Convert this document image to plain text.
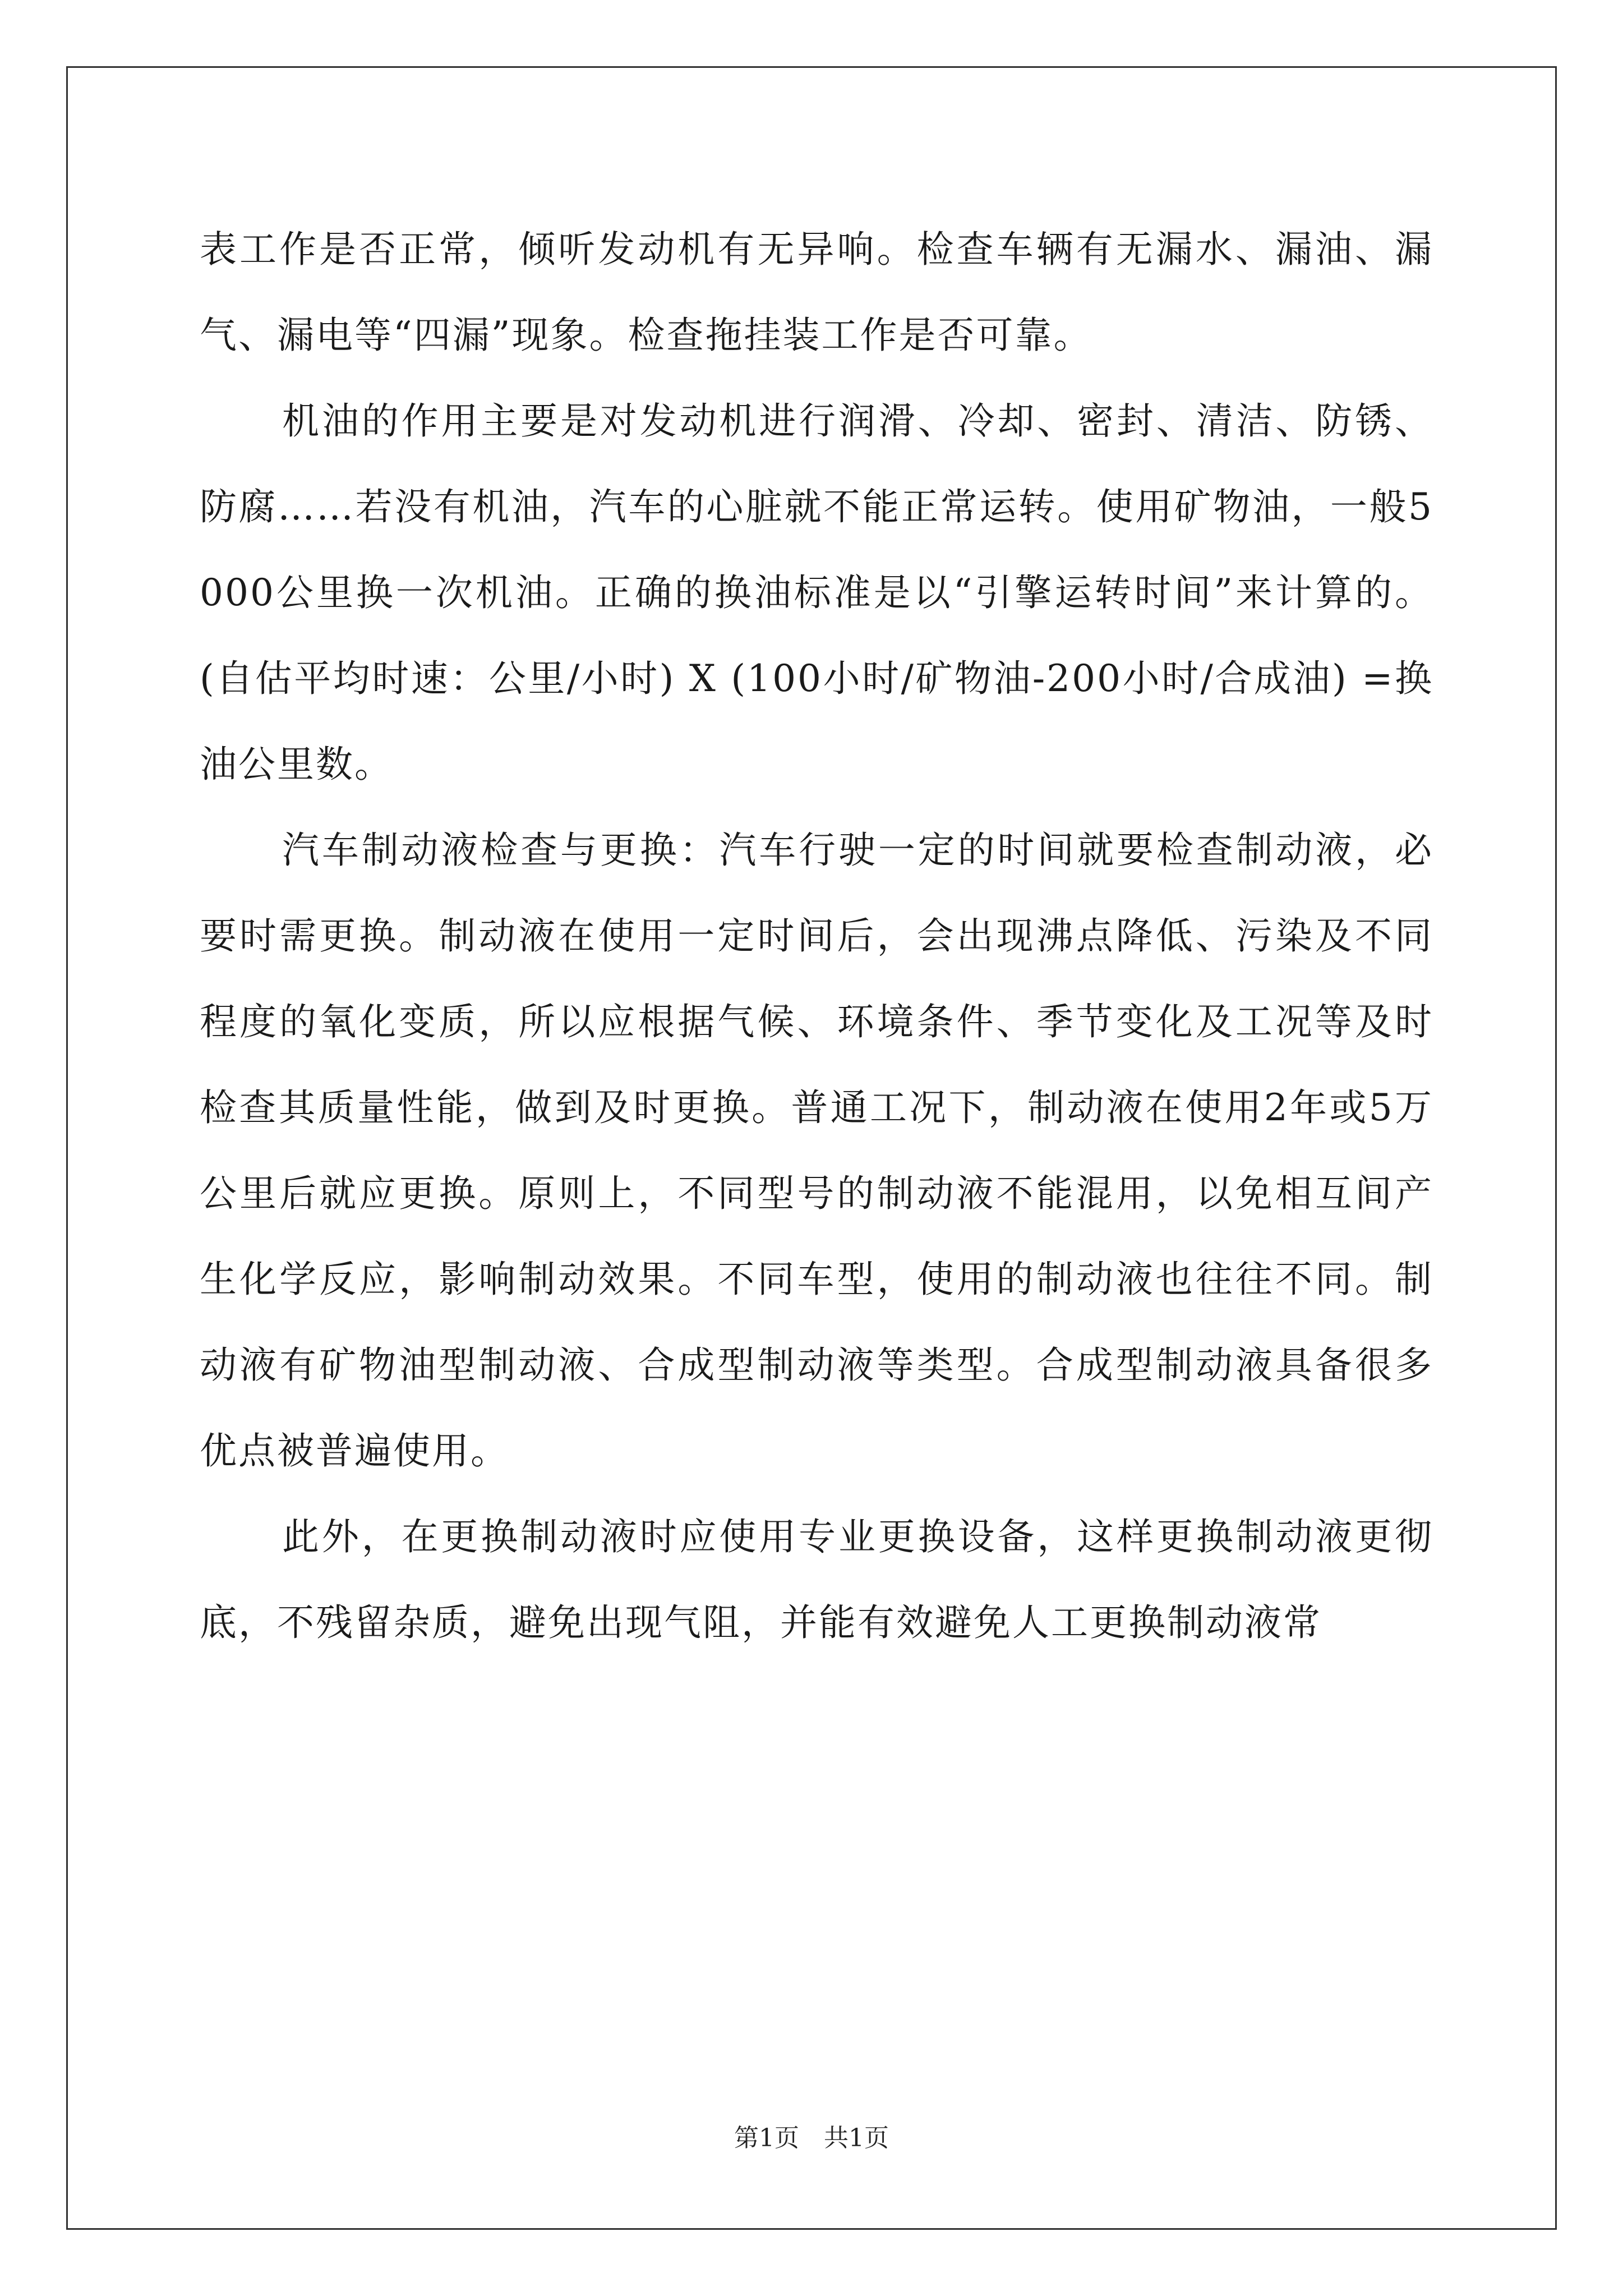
表工作是否正常，倾听发动机有无异响。检查车辆有无漏水、漏油、漏气、漏电等“四漏”现象。检查拖挂装工作是否可靠。

机油的作用主要是对发动机进行润滑、冷却、密封、清洁、防锈、防腐……若没有机油，汽车的心脏就不能正常运转。使用矿物油，一般5000公里换一次机油。正确的换油标准是以“引擎运转时间”来计算的。(自估平均时速：公里/小时) X (100小时/矿物油-200小时/合成油) =换油公里数。

汽车制动液检查与更换：汽车行驶一定的时间就要检查制动液，必要时需更换。制动液在使用一定时间后，会出现沸点降低、污染及不同程度的氧化变质，所以应根据气候、环境条件、季节变化及工况等及时检查其质量性能，做到及时更换。普通工况下，制动液在使用2年或5万公里后就应更换。原则上，不同型号的制动液不能混用，以免相互间产生化学反应，影响制动效果。不同车型，使用的制动液也往往不同。制动液有矿物油型制动液、合成型制动液等类型。合成型制动液具备很多优点被普遍使用。

此外，在更换制动液时应使用专业更换设备，这样更换制动液更彻底，不残留杂质，避免出现气阻，并能有效避免人工更换制动液常

第1页 共1页
